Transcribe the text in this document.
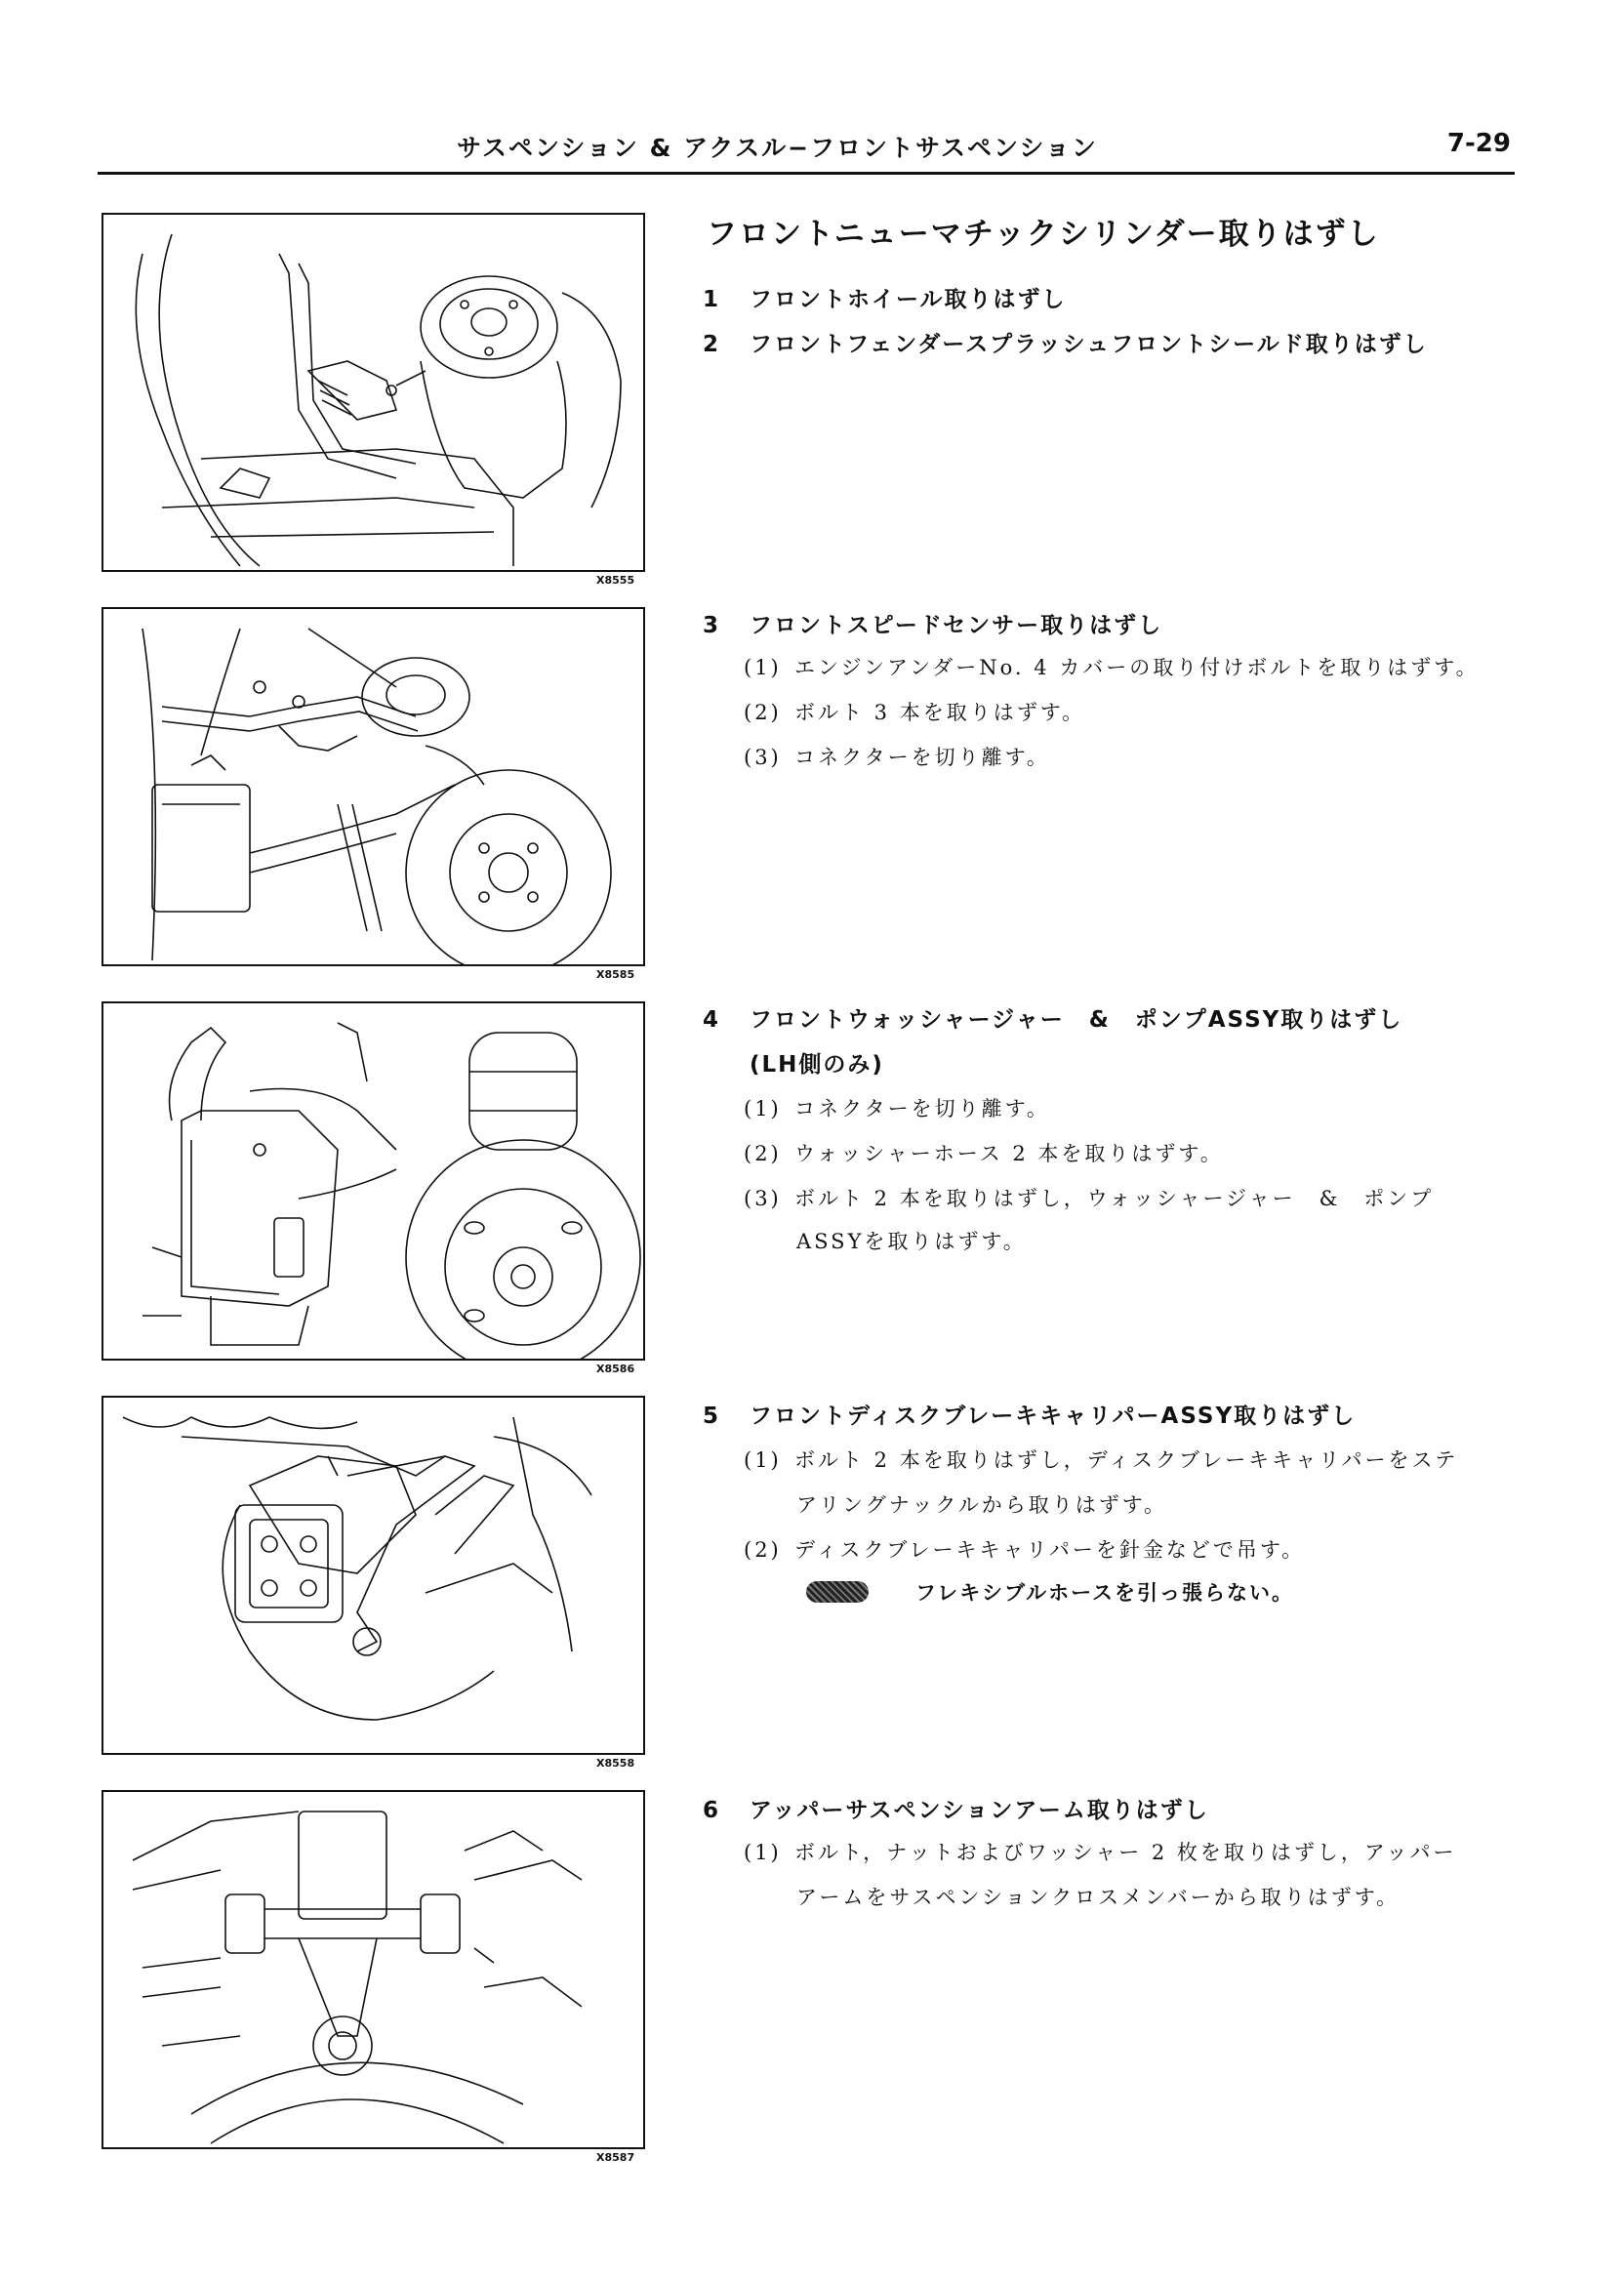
サスペンション & アクスル−フロントサスペンション	7-29
X8555
X8585
X8586
X8558
X8587
フロントニューマチックシリンダー取りはずし
1 フロントホイール取りはずし
2 フロントフェンダースプラッシュフロントシールド取りはずし
3 フロントスピードセンサー取りはずし
(1) エンジンアンダーNo. 4 カバーの取り付けボルトを取りはずす。
(2) ボルト 3 本を取りはずす。
(3) コネクターを切り離す。
4 フロントウォッシャージャー　&　ポンプASSY取りはずし
(LH側のみ)
(1) コネクターを切り離す。
(2) ウォッシャーホース 2 本を取りはずす。
(3) ボルト 2 本を取りはずし，ウォッシャージャー　&　ポンプ
ASSYを取りはずす。
5 フロントディスクブレーキキャリパーASSY取りはずし
(1) ボルト 2 本を取りはずし，ディスクブレーキキャリパーをステ
アリングナックルから取りはずす。
(2) ディスクブレーキキャリパーを針金などで吊す。
フレキシブルホースを引っ張らない。
6 アッパーサスペンションアーム取りはずし
(1) ボルト，ナットおよびワッシャー 2 枚を取りはずし，アッパー
アームをサスペンションクロスメンバーから取りはずす。
